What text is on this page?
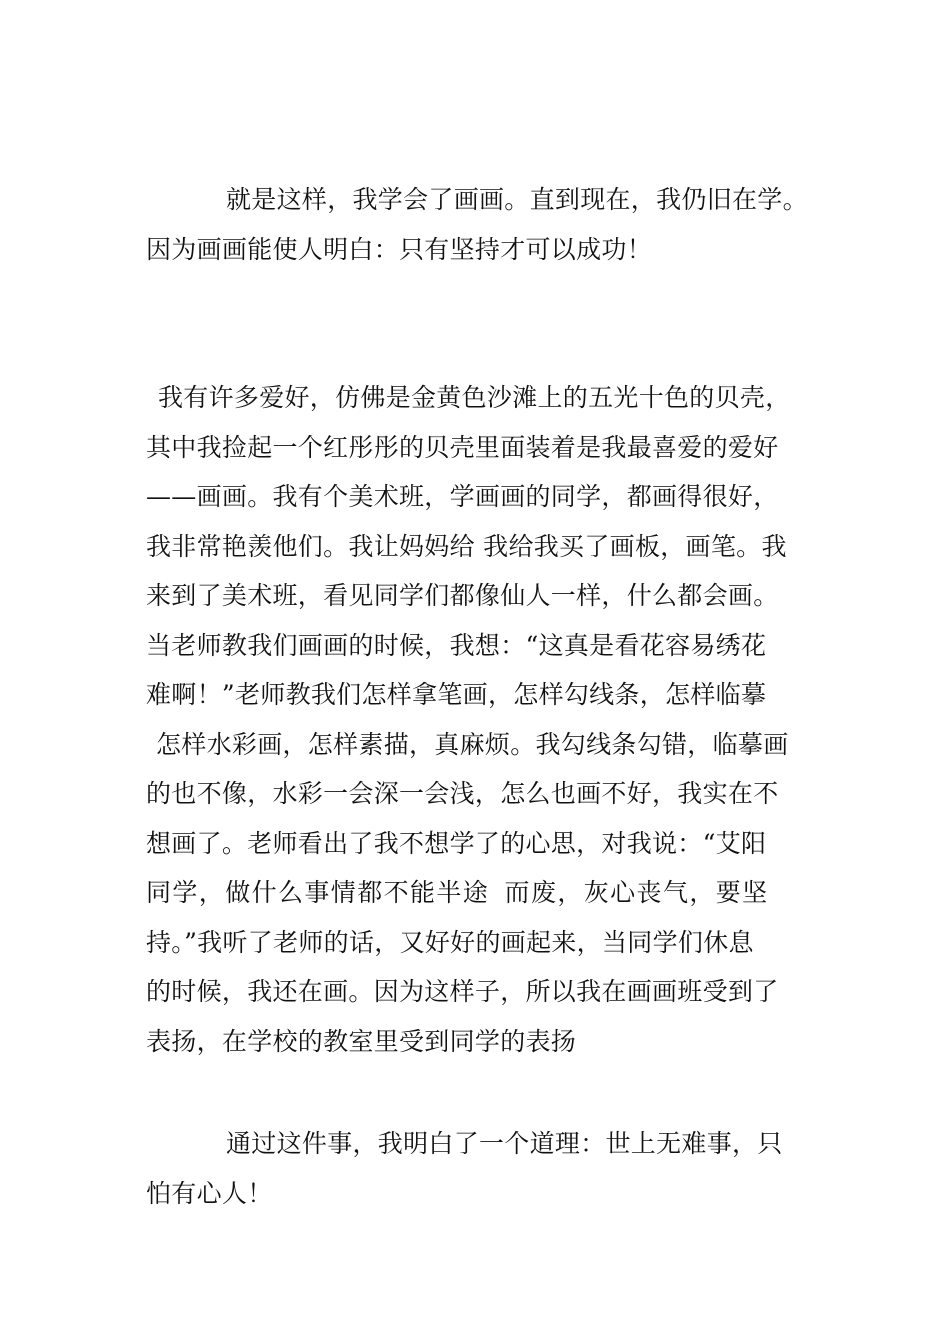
就是这样，我学会了画画。直到现在，我仍旧在学。
因为画画能使人明白：只有坚持才可以成功！
我有许多爱好，仿佛是金黄色沙滩上的五光十色的贝壳，
其中我捡起一个红彤彤的贝壳里面装着是我最喜爱的爱好
——画画。我有个美术班，学画画的同学，都画得很好，
我非常艳羡他们。我让妈妈给 我给我买了画板，画笔。我
来到了美术班，看见同学们都像仙人一样，什么都会画。
当老师教我们画画的时候，我想：“这真是看花容易绣花
难啊！”老师教我们怎样拿笔画，怎样勾线条，怎样临摹
怎样水彩画，怎样素描，真麻烦。我勾线条勾错，临摹画
的也不像，水彩一会深一会浅，怎么也画不好，我实在不
想画了。老师看出了我不想学了的心思，对我说：“艾阳
同学，做什么事情都不能半途 而废，灰心丧气，要坚
持。”我听了老师的话，又好好的画起来，当同学们休息
的时候，我还在画。因为这样子，所以我在画画班受到了
表扬，在学校的教室里受到同学的表扬
通过这件事，我明白了一个道理：世上无难事，只
怕有心人！
